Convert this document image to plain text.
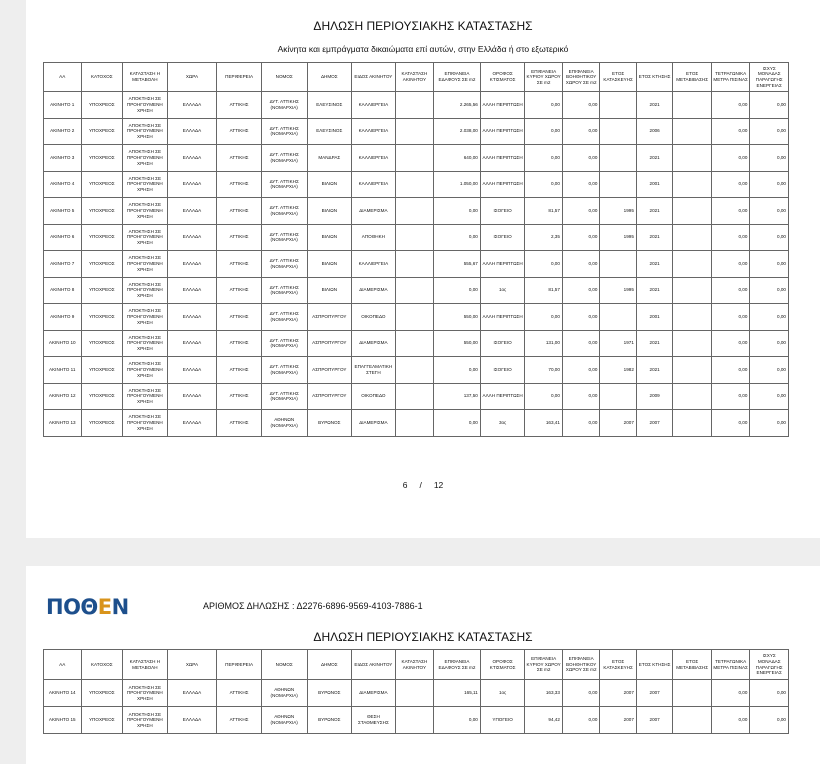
ΔΗΛΩΣΗ ΠΕΡΙΟΥΣΙΑΚΗΣ ΚΑΤΑΣΤΑΣΗΣ
Ακίνητα και εμπράγματα δικαιώματα επί αυτών, στην Ελλάδα ή στο εξωτερικό
ΑΑ	ΚΑΤΟΧΟΣ	ΚΑΤΑΣΤΑΣΗ Η ΜΕΤΑΒΟΛΗ	ΧΩΡΑ	ΠΕΡΙΦΕΡΕΙΑ	ΝΟΜΟΣ	ΔΗΜΟΣ	ΕΙΔΟΣ ΑΚΙΝΗΤΟΥ	ΚΑΤΑΣΤΑΣΗ ΑΚΙΝΗΤΟΥ	ΕΠΙΦΑΝΕΙΑ ΕΔΑΦΟΥΣ ΣΕ m2	ΟΡΟΦΟΣ ΚΤΙΣΜΑΤΟΣ	ΕΠΙΦΑΝΕΙΑ ΚΥΡΙΟΥ ΧΩΡΟΥ ΣΕ m2	ΕΠΙΦΑΝΕΙΑ ΒΟΗΘΗΤΙΚΟΥ ΧΩΡΟΥ ΣΕ m2	ΕΤΟΣ ΚΑΤΑΣΚΕΥΗΣ	ΕΤΟΣ ΚΤΗΣΗΣ	ΕΤΟΣ ΜΕΤΑΒΙΒΑΣΗΣ	ΤΕΤΡΑΓΩΝΙΚΑ ΜΕΤΡΑ ΠΙΣΙΝΑΣ	ΙΣΧΥΣ ΜΟΝΑΔΑΣ ΠΑΡΑΓΩΓΗΣ ΕΝΕΡΓΕΙΑΣ
ΑΚΙΝΗΤΟ 1	ΥΠΟΧΡΕΟΣ	ΑΠΟΚΤΗΣΗ ΣΕ ΠΡΟΗΓΟΥΜΕΝΗ ΧΡΗΣΗ	ΕΛΛΑΔΑ	ΑΤΤΙΚΗΣ	ΔΥΤ. ΑΤΤΙΚΗΣ (ΝΟΜΑΡΧΙΑ)	ΕΛΕΥΣΙΝΟΣ	ΚΑΛΛΙΕΡΓΕΙΑ		2.265,56	ΑΛΛΗ ΠΕΡΙΠΤΩΣΗ	0,00	0,00		2021		0,00	0,00
ΑΚΙΝΗΤΟ 2	ΥΠΟΧΡΕΟΣ	ΑΠΟΚΤΗΣΗ ΣΕ ΠΡΟΗΓΟΥΜΕΝΗ ΧΡΗΣΗ	ΕΛΛΑΔΑ	ΑΤΤΙΚΗΣ	ΔΥΤ. ΑΤΤΙΚΗΣ (ΝΟΜΑΡΧΙΑ)	ΕΛΕΥΣΙΝΟΣ	ΚΑΛΛΙΕΡΓΕΙΑ		2.038,00	ΑΛΛΗ ΠΕΡΙΠΤΩΣΗ	0,00	0,00		2006		0,00	0,00
ΑΚΙΝΗΤΟ 3	ΥΠΟΧΡΕΟΣ	ΑΠΟΚΤΗΣΗ ΣΕ ΠΡΟΗΓΟΥΜΕΝΗ ΧΡΗΣΗ	ΕΛΛΑΔΑ	ΑΤΤΙΚΗΣ	ΔΥΤ. ΑΤΤΙΚΗΣ (ΝΟΜΑΡΧΙΑ)	ΜΑΝΔΡΑΣ	ΚΑΛΛΙΕΡΓΕΙΑ		640,00	ΑΛΛΗ ΠΕΡΙΠΤΩΣΗ	0,00	0,00		2021		0,00	0,00
ΑΚΙΝΗΤΟ 4	ΥΠΟΧΡΕΟΣ	ΑΠΟΚΤΗΣΗ ΣΕ ΠΡΟΗΓΟΥΜΕΝΗ ΧΡΗΣΗ	ΕΛΛΑΔΑ	ΑΤΤΙΚΗΣ	ΔΥΤ. ΑΤΤΙΚΗΣ (ΝΟΜΑΡΧΙΑ)	ΒΙΛΙΩΝ	ΚΑΛΛΙΕΡΓΕΙΑ		1.050,00	ΑΛΛΗ ΠΕΡΙΠΤΩΣΗ	0,00	0,00		2001		0,00	0,00
ΑΚΙΝΗΤΟ 5	ΥΠΟΧΡΕΟΣ	ΑΠΟΚΤΗΣΗ ΣΕ ΠΡΟΗΓΟΥΜΕΝΗ ΧΡΗΣΗ	ΕΛΛΑΔΑ	ΑΤΤΙΚΗΣ	ΔΥΤ. ΑΤΤΙΚΗΣ (ΝΟΜΑΡΧΙΑ)	ΒΙΛΙΩΝ	ΔΙΑΜΕΡΙΣΜΑ		0,00	ΙΣΟΓΕΙΟ	81,57	0,00	1995	2021		0,00	0,00
ΑΚΙΝΗΤΟ 6	ΥΠΟΧΡΕΟΣ	ΑΠΟΚΤΗΣΗ ΣΕ ΠΡΟΗΓΟΥΜΕΝΗ ΧΡΗΣΗ	ΕΛΛΑΔΑ	ΑΤΤΙΚΗΣ	ΔΥΤ. ΑΤΤΙΚΗΣ (ΝΟΜΑΡΧΙΑ)	ΒΙΛΙΩΝ	ΑΠΟΘΗΚΗ		0,00	ΙΣΟΓΕΙΟ	2,35	0,00	1995	2021		0,00	0,00
ΑΚΙΝΗΤΟ 7	ΥΠΟΧΡΕΟΣ	ΑΠΟΚΤΗΣΗ ΣΕ ΠΡΟΗΓΟΥΜΕΝΗ ΧΡΗΣΗ	ΕΛΛΑΔΑ	ΑΤΤΙΚΗΣ	ΔΥΤ. ΑΤΤΙΚΗΣ (ΝΟΜΑΡΧΙΑ)	ΒΙΛΙΩΝ	ΚΑΛΛΙΕΡΓΕΙΑ		555,67	ΑΛΛΗ ΠΕΡΙΠΤΩΣΗ	0,00	0,00		2021		0,00	0,00
ΑΚΙΝΗΤΟ 8	ΥΠΟΧΡΕΟΣ	ΑΠΟΚΤΗΣΗ ΣΕ ΠΡΟΗΓΟΥΜΕΝΗ ΧΡΗΣΗ	ΕΛΛΑΔΑ	ΑΤΤΙΚΗΣ	ΔΥΤ. ΑΤΤΙΚΗΣ (ΝΟΜΑΡΧΙΑ)	ΒΙΛΙΩΝ	ΔΙΑΜΕΡΙΣΜΑ		0,00	1ος	81,57	0,00	1995	2021		0,00	0,00
ΑΚΙΝΗΤΟ 9	ΥΠΟΧΡΕΟΣ	ΑΠΟΚΤΗΣΗ ΣΕ ΠΡΟΗΓΟΥΜΕΝΗ ΧΡΗΣΗ	ΕΛΛΑΔΑ	ΑΤΤΙΚΗΣ	ΔΥΤ. ΑΤΤΙΚΗΣ (ΝΟΜΑΡΧΙΑ)	ΑΣΠΡΟΠΥΡΓΟΥ	ΟΙΚΟΠΕΔΟ		550,00	ΑΛΛΗ ΠΕΡΙΠΤΩΣΗ	0,00	0,00		2001		0,00	0,00
ΑΚΙΝΗΤΟ 10	ΥΠΟΧΡΕΟΣ	ΑΠΟΚΤΗΣΗ ΣΕ ΠΡΟΗΓΟΥΜΕΝΗ ΧΡΗΣΗ	ΕΛΛΑΔΑ	ΑΤΤΙΚΗΣ	ΔΥΤ. ΑΤΤΙΚΗΣ (ΝΟΜΑΡΧΙΑ)	ΑΣΠΡΟΠΥΡΓΟΥ	ΔΙΑΜΕΡΙΣΜΑ		550,00	ΙΣΟΓΕΙΟ	131,00	0,00	1971	2021		0,00	0,00
ΑΚΙΝΗΤΟ 11	ΥΠΟΧΡΕΟΣ	ΑΠΟΚΤΗΣΗ ΣΕ ΠΡΟΗΓΟΥΜΕΝΗ ΧΡΗΣΗ	ΕΛΛΑΔΑ	ΑΤΤΙΚΗΣ	ΔΥΤ. ΑΤΤΙΚΗΣ (ΝΟΜΑΡΧΙΑ)	ΑΣΠΡΟΠΥΡΓΟΥ	ΕΠΑΓΓΕΛΜΑΤΙΚΗ ΣΤΕΓΗ		0,00	ΙΣΟΓΕΙΟ	70,00	0,00	1982	2021		0,00	0,00
ΑΚΙΝΗΤΟ 12	ΥΠΟΧΡΕΟΣ	ΑΠΟΚΤΗΣΗ ΣΕ ΠΡΟΗΓΟΥΜΕΝΗ ΧΡΗΣΗ	ΕΛΛΑΔΑ	ΑΤΤΙΚΗΣ	ΔΥΤ. ΑΤΤΙΚΗΣ (ΝΟΜΑΡΧΙΑ)	ΑΣΠΡΟΠΥΡΓΟΥ	ΟΙΚΟΠΕΔΟ		137,50	ΑΛΛΗ ΠΕΡΙΠΤΩΣΗ	0,00	0,00		2009		0,00	0,00
ΑΚΙΝΗΤΟ 13	ΥΠΟΧΡΕΟΣ	ΑΠΟΚΤΗΣΗ ΣΕ ΠΡΟΗΓΟΥΜΕΝΗ ΧΡΗΣΗ	ΕΛΛΑΔΑ	ΑΤΤΙΚΗΣ	ΑΘΗΝΩΝ (ΝΟΜΑΡΧΙΑ)	ΒΥΡΩΝΟΣ	ΔΙΑΜΕΡΙΣΜΑ		0,00	3ος	163,41	0,00	2007	2007		0,00	0,00
6 / 12
ΠΟΘΕΝ	ΑΡΙΘΜΟΣ ΔΗΛΩΣΗΣ : Δ2276-6896-9569-4103-7886-1
ΔΗΛΩΣΗ ΠΕΡΙΟΥΣΙΑΚΗΣ ΚΑΤΑΣΤΑΣΗΣ
ΑΑ	ΚΑΤΟΧΟΣ	ΚΑΤΑΣΤΑΣΗ Η ΜΕΤΑΒΟΛΗ	ΧΩΡΑ	ΠΕΡΙΦΕΡΕΙΑ	ΝΟΜΟΣ	ΔΗΜΟΣ	ΕΙΔΟΣ ΑΚΙΝΗΤΟΥ	ΚΑΤΑΣΤΑΣΗ ΑΚΙΝΗΤΟΥ	ΕΠΙΦΑΝΕΙΑ ΕΔΑΦΟΥΣ ΣΕ m2	ΟΡΟΦΟΣ ΚΤΙΣΜΑΤΟΣ	ΕΠΙΦΑΝΕΙΑ ΚΥΡΙΟΥ ΧΩΡΟΥ ΣΕ m2	ΕΠΙΦΑΝΕΙΑ ΒΟΗΘΗΤΙΚΟΥ ΧΩΡΟΥ ΣΕ m2	ΕΤΟΣ ΚΑΤΑΣΚΕΥΗΣ	ΕΤΟΣ ΚΤΗΣΗΣ	ΕΤΟΣ ΜΕΤΑΒΙΒΑΣΗΣ	ΤΕΤΡΑΓΩΝΙΚΑ ΜΕΤΡΑ ΠΙΣΙΝΑΣ	ΙΣΧΥΣ ΜΟΝΑΔΑΣ ΠΑΡΑΓΩΓΗΣ ΕΝΕΡΓΕΙΑΣ
ΑΚΙΝΗΤΟ 14	ΥΠΟΧΡΕΟΣ	ΑΠΟΚΤΗΣΗ ΣΕ ΠΡΟΗΓΟΥΜΕΝΗ ΧΡΗΣΗ	ΕΛΛΑΔΑ	ΑΤΤΙΚΗΣ	ΑΘΗΝΩΝ (ΝΟΜΑΡΧΙΑ)	ΒΥΡΩΝΟΣ	ΔΙΑΜΕΡΙΣΜΑ		165,11	1ος	163,33	0,00	2007	2007		0,00	0,00
ΑΚΙΝΗΤΟ 15	ΥΠΟΧΡΕΟΣ	ΑΠΟΚΤΗΣΗ ΣΕ ΠΡΟΗΓΟΥΜΕΝΗ ΧΡΗΣΗ	ΕΛΛΑΔΑ	ΑΤΤΙΚΗΣ	ΑΘΗΝΩΝ (ΝΟΜΑΡΧΙΑ)	ΒΥΡΩΝΟΣ	ΘΕΣΗ ΣΤΑΘΜΕΥΣΗΣ		0,00	ΥΠΟΓΕΙΟ	94,42	0,00	2007	2007		0,00	0,00
